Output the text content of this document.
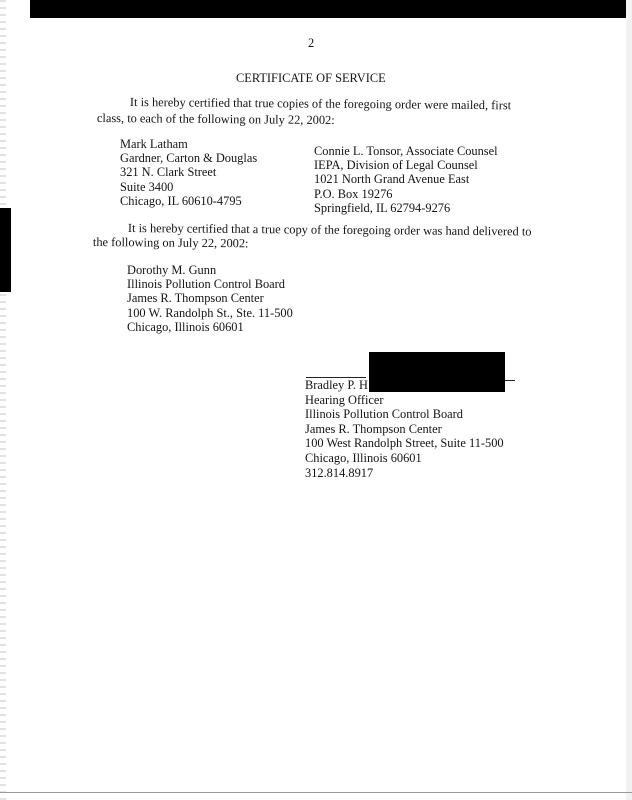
2
CERTIFICATE OF SERVICE
It is hereby certified that true copies of the foregoing order were mailed, first
class, to each of the following on July 22, 2002:
Mark Latham
Gardner, Carton & Douglas
321 N. Clark Street
Suite 3400
Chicago, IL 60610-4795
Connie L. Tonsor, Associate Counsel
IEPA, Division of Legal Counsel
1021 North Grand Avenue East
P.O. Box 19276
Springfield, IL 62794-9276
It is hereby certified that a true copy of the foregoing order was hand delivered to
the following on July 22, 2002:
Dorothy M. Gunn
Illinois Pollution Control Board
James R. Thompson Center
100 W. Randolph St., Ste. 11-500
Chicago, Illinois 60601
Bradley P. H
Hearing Officer
Illinois Pollution Control Board
James R. Thompson Center
100 West Randolph Street, Suite 11-500
Chicago, Illinois 60601
312.814.8917
